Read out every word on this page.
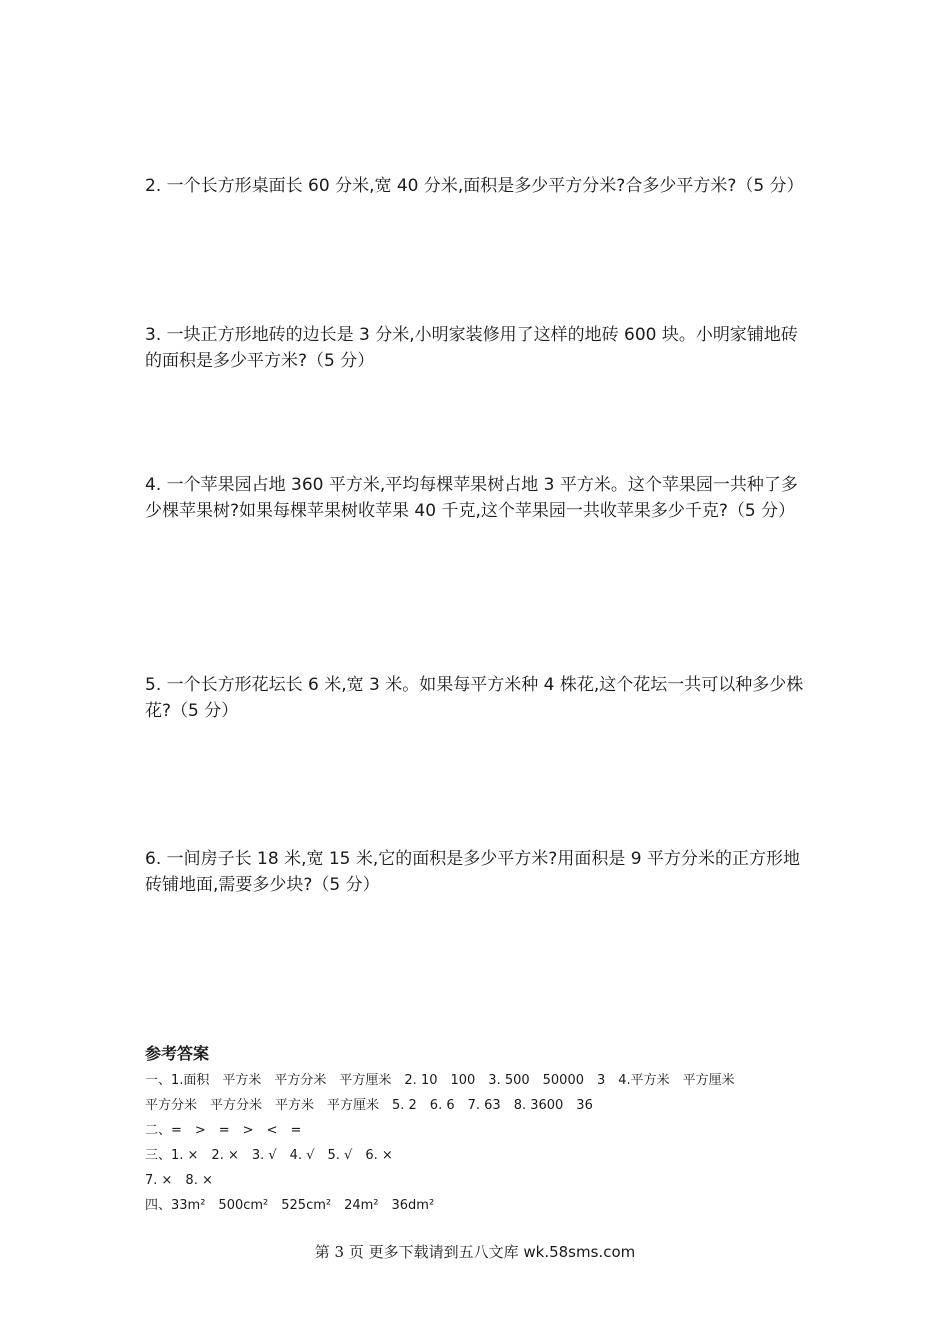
2. 一个长方形桌面长 60 分米,宽 40 分米,面积是多少平方分米?合多少平方米?（5 分）

3. 一块正方形地砖的边长是 3 分米,小明家装修用了这样的地砖 600 块。小明家铺地砖的面积是多少平方米?（5 分）

4. 一个苹果园占地 360 平方米,平均每棵苹果树占地 3 平方米。这个苹果园一共种了多少棵苹果树?如果每棵苹果树收苹果 40 千克,这个苹果园一共收苹果多少千克?（5 分）

5. 一个长方形花坛长 6 米,宽 3 米。如果每平方米种 4 株花,这个花坛一共可以种多少株花?（5 分）

6. 一间房子长 18 米,宽 15 米,它的面积是多少平方米?用面积是 9 平方分米的正方形地砖铺地面,需要多少块?（5 分）

参考答案

一、1.面积　平方米　平方分米　平方厘米　2. 10　100　3. 500　50000　3　4.平方米　平方厘米

平方分米　平方分米　平方米　平方厘米　5. 2　6. 6　7. 63　8. 3600　36

二、=　>　=　>　<　=

三、1. ×　2. ×　3. √　4. √　5. √　6. ×

7. ×　8. ×

四、33m²　500cm²　525cm²　24m²　36dm²

第 3 页 更多下载请到五八文库 wk.58sms.com
